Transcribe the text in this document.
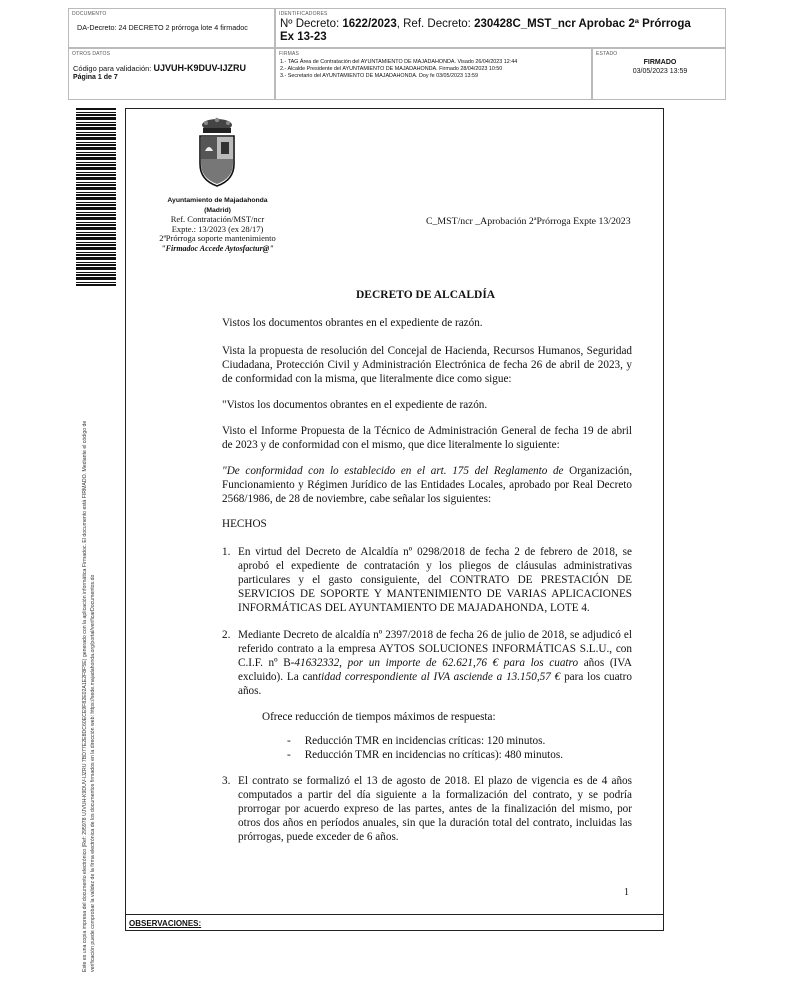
DOCUMENTO
DA-Decreto: 24 DECRETO 2 prórroga lote 4 firmadoc
IDENTIFICADORES
Nº Decreto: 1622/2023, Ref. Decreto: 230428C_MST_ncr Aprobac 2ª Prórroga Ex 13-23
OTROS DATOS
Código para validación: UJVUH-K9DUV-IJZRU
Página 1 de 7
FIRMAS
1.- TAG Área de Contratación del AYUNTAMIENTO DE MAJADAHONDA. Visado 26/04/2023 12:44
2.- Alcalde Presidente del AYUNTAMIENTO DE MAJADAHONDA. Firmado 28/04/2023 10:50
3.- Secretario del AYUNTAMIENTO DE MAJADAHONDA. Doy fe 03/05/2023 13:59
ESTADO
FIRMADO
03/05/2023 13:59
Este es una copia impresa del documento electrónico (Ref: 295978 UJVUH-K9DUV-IJZRU 7BD77E2E8DC60ECE9F82E02A1E2F8F5E) generado con la aplicación informática Firmadoc. El documento está FIRMADO. Mediante el código de verificación puede comprobar la validez de la firma electrónica de los documentos firmados en la dirección web: https://sede.majadahonda.org/portal/verificarDocumentos.do
Ayuntamiento de Majadahonda
(Madrid)
Ref. Contratación/MST/ncr
Expte.: 13/2023 (ex 28/17)
2ªPrórroga soporte mantenimiento
"Firmadoc Accede Aytosfactur@"
C_MST/ncr _Aprobación 2ªPrórroga Expte 13/2023
DECRETO DE ALCALDÍA
Vistos los documentos obrantes en el expediente de razón.
Vista la propuesta de resolución del Concejal de Hacienda, Recursos Humanos, Seguridad Ciudadana, Protección Civil y Administración Electrónica de fecha 26 de abril de 2023, y de conformidad con la misma, que literalmente dice como sigue:
"Vistos los documentos obrantes en el expediente de razón.
Visto el Informe Propuesta de la Técnico de Administración General de fecha 19 de abril de 2023 y de conformidad con el mismo, que dice literalmente lo siguiente:
"De conformidad con lo establecido en el art. 175 del Reglamento de Organización, Funcionamiento y Régimen Jurídico de las Entidades Locales, aprobado por Real Decreto 2568/1986, de 28 de noviembre, cabe señalar los siguientes:
HECHOS
1. En virtud del Decreto de Alcaldía nº 0298/2018 de fecha 2 de febrero de 2018, se aprobó el expediente de contratación y los pliegos de cláusulas administrativas particulares y el gasto consiguiente, del CONTRATO DE PRESTACIÓN DE SERVICIOS DE SOPORTE Y MANTENIMIENTO DE VARIAS APLICACIONES INFORMÁTICAS DEL AYUNTAMIENTO DE MAJADAHONDA, LOTE 4.
2. Mediante Decreto de alcaldía nº 2397/2018 de fecha 26 de julio de 2018, se adjudicó el referido contrato a la empresa AYTOS SOLUCIONES INFORMÁTICAS S.L.U., con C.I.F. nº B-41632332, por un importe de 62.621,76 € para los cuatro años (IVA excluido). La cantidad correspondiente al IVA asciende a 13.150,57 € para los cuatro años.
Ofrece reducción de tiempos máximos de respuesta:
-     Reducción TMR en incidencias críticas: 120 minutos.
-     Reducción TMR en incidencias no críticas): 480 minutos.
3. El contrato se formalizó el 13 de agosto de 2018. El plazo de vigencia es de 4 años computados a partir del día siguiente a la formalización del contrato, y se podría prorrogar por acuerdo expreso de las partes, antes de la finalización del mismo, por otros dos años en períodos anuales, sin que la duración total del contrato, incluidas las prórrogas, puede exceder de 6 años.
1
OBSERVACIONES:
